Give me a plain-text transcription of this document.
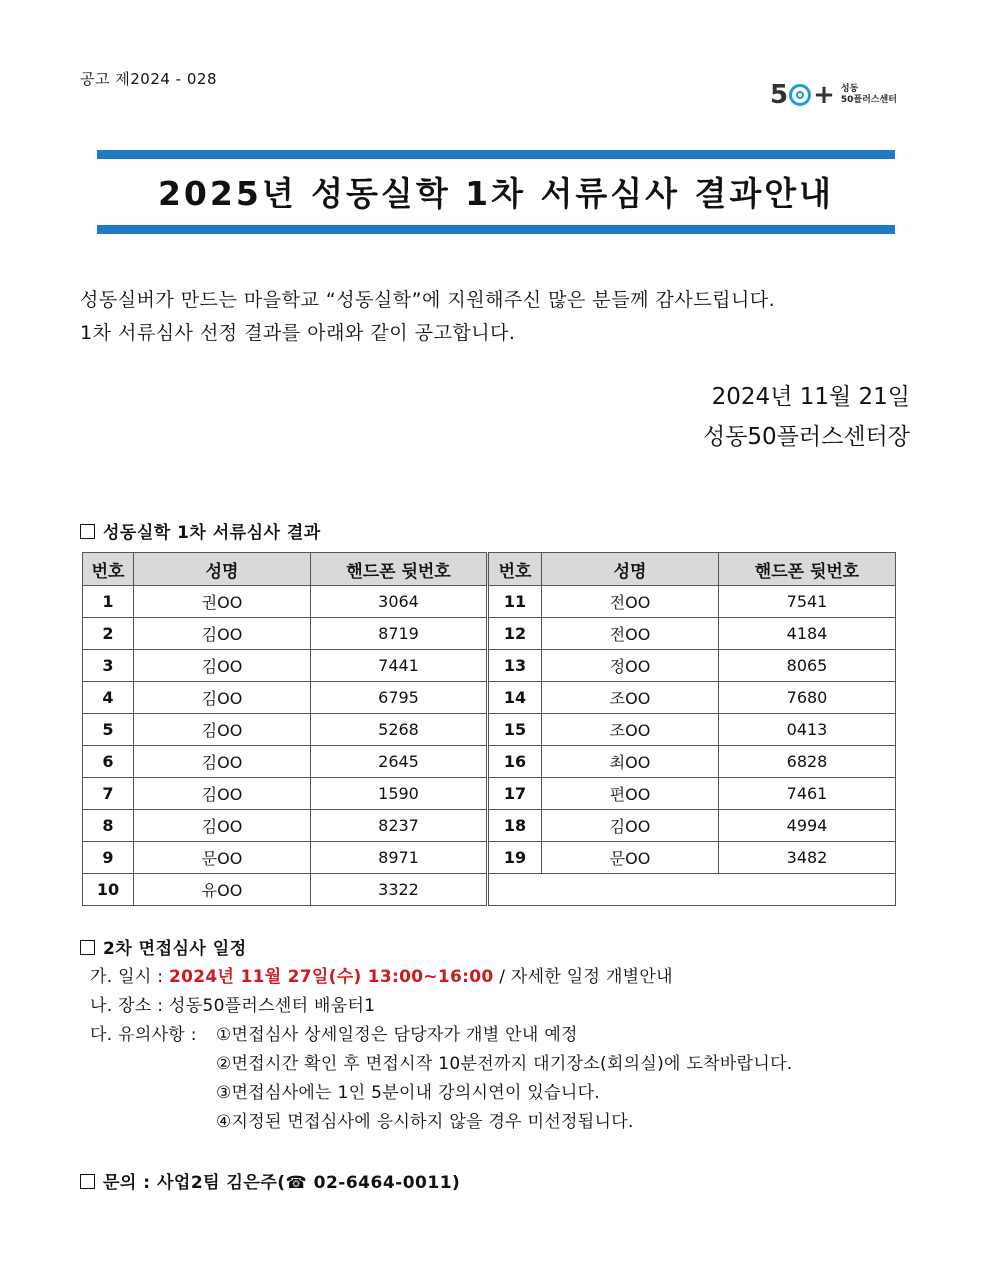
공고 제2024 - 028
5 + 성동
50플러스센터
2025년 성동실학 1차 서류심사 결과안내
성동실버가 만드는 마을학교 “성동실학”에 지원해주신 많은 분들께 감사드립니다.
1차 서류심사 선정 결과를 아래와 같이 공고합니다.
2024년 11월 21일
성동50플러스센터장
성동실학 1차 서류심사 결과
번호	성명	핸드폰 뒷번호	번호	성명	핸드폰 뒷번호
1	권OO	3064	11	전OO	7541
2	김OO	8719	12	전OO	4184
3	김OO	7441	13	정OO	8065
4	김OO	6795	14	조OO	7680
5	김OO	5268	15	조OO	0413
6	김OO	2645	16	최OO	6828
7	김OO	1590	17	편OO	7461
8	김OO	8237	18	김OO	4994
9	문OO	8971	19	문OO	3482
10	유OO	3322			
2차 면접심사 일정
가. 일시 : 2024년 11월 27일(수) 13:00~16:00 / 자세한 일정 개별안내
나. 장소 : 성동50플러스센터 배움터1
다. 유의사항 : ①면접심사 상세일정은 담당자가 개별 안내 예정
②면접시간 확인 후 면접시작 10분전까지 대기장소(회의실)에 도착바랍니다.
③면접심사에는 1인 5분이내 강의시연이 있습니다.
④지정된 면접심사에 응시하지 않을 경우 미선정됩니다.
문의 : 사업2팀 김은주(☎ 02-6464-0011)
